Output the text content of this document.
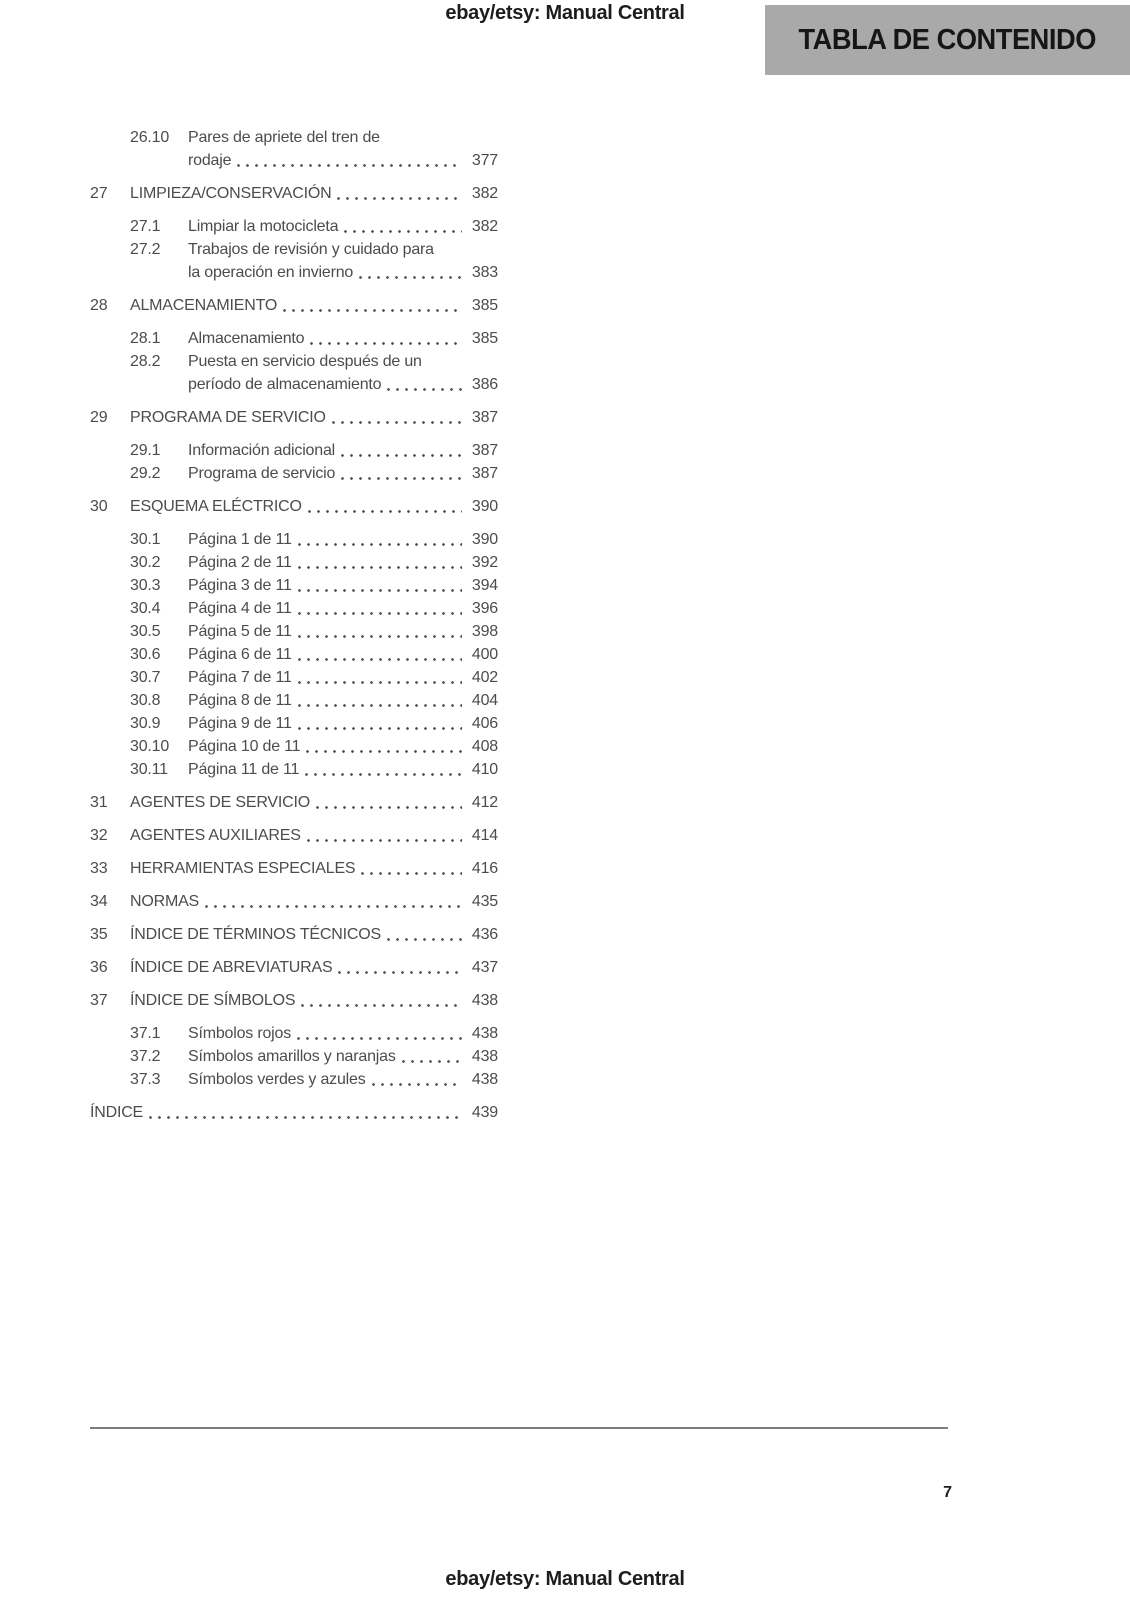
ebay/etsy: Manual Central
TABLA DE CONTENIDO
26.10	Pares de apriete del tren de
rodaje	377
27	LIMPIEZA/CONSERVACIÓN	382
27.1	Limpiar la motocicleta	382
27.2	Trabajos de revisión y cuidado para
la operación en invierno	383
28	ALMACENAMIENTO	385
28.1	Almacenamiento	385
28.2	Puesta en servicio después de un
período de almacenamiento	386
29	PROGRAMA DE SERVICIO	387
29.1	Información adicional	387
29.2	Programa de servicio	387
30	ESQUEMA ELÉCTRICO	390
30.1	Página 1 de 11	390
30.2	Página 2 de 11	392
30.3	Página 3 de 11	394
30.4	Página 4 de 11	396
30.5	Página 5 de 11	398
30.6	Página 6 de 11	400
30.7	Página 7 de 11	402
30.8	Página 8 de 11	404
30.9	Página 9 de 11	406
30.10	Página 10 de 11	408
30.11	Página 11 de 11	410
31	AGENTES DE SERVICIO	412
32	AGENTES AUXILIARES	414
33	HERRAMIENTAS ESPECIALES	416
34	NORMAS	435
35	ÍNDICE DE TÉRMINOS TÉCNICOS	436
36	ÍNDICE DE ABREVIATURAS	437
37	ÍNDICE DE SÍMBOLOS	438
37.1	Símbolos rojos	438
37.2	Símbolos amarillos y naranjas	438
37.3	Símbolos verdes y azules	438
ÍNDICE	439
7
ebay/etsy: Manual Central
